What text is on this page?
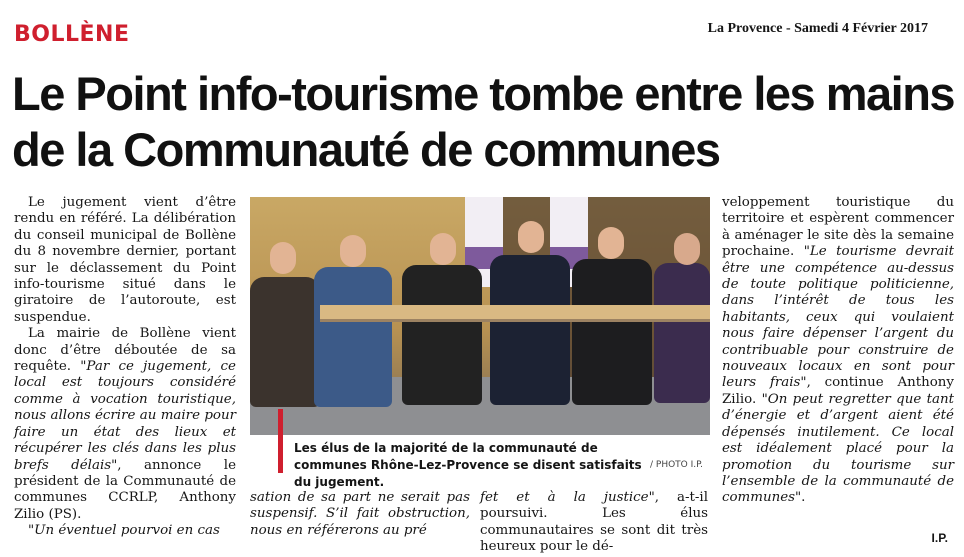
BOLLÈNE	La Provence - Samedi 4 Février 2017
Le Point info-tourisme tombe entre les mains de la Communauté de communes

Le jugement vient d’être rendu en référé. La délibération du conseil municipal de Bollène du 8 novembre dernier, portant sur le déclassement du Point info-tourisme situé dans le giratoire de l’autoroute, est suspendue.

La mairie de Bollène vient donc d’être déboutée de sa requête. "Par ce jugement, ce local est toujours considéré comme à vocation touristique, nous allons écrire au maire pour faire un état des lieux et récupérer les clés dans les plus brefs délais", annonce le président de la Communauté de communes CCRLP, Anthony Zilio (PS).

"Un éventuel pourvoi en cas

Les élus de la majorité de la communauté de communes Rhône-Lez-Provence se disent satisfaits du jugement.

/ PHOTO I.P.

sation de sa part ne serait pas suspensif. S’il fait obstruction, nous en référerons au pré

fet et à la justice", a-t-il poursuivi. Les élus communautaires se sont dit très heureux pour le dé-

veloppement touristique du territoire et espèrent commencer à aménager le site dès la semaine prochaine. "Le tourisme devrait être une compétence au-dessus de toute politique politicienne, dans l’intérêt de tous les habitants, ceux qui voulaient nous faire dépenser l’argent du contribuable pour construire de nouveaux locaux en sont pour leurs frais", continue Anthony Zilio. "On peut regretter que tant d’énergie et d’argent aient été dépensés inutilement. Ce local est idéalement placé pour la promotion du tourisme sur l’ensemble de la communauté de communes".

I.P.
